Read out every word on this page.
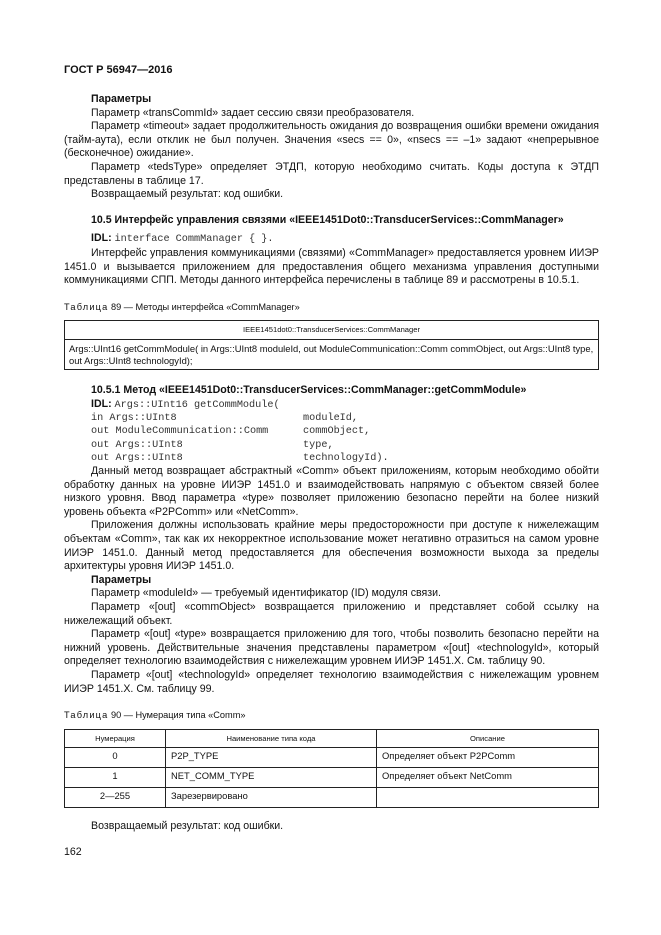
ГОСТ Р 56947—2016

Параметры

Параметр «transCommId» задает сессию связи преобразователя.

Параметр «timeout» задает продолжительность ожидания до возвращения ошибки времени ожидания (тайм-аута), если отклик не был получен. Значения «secs == 0», «nsecs == –1» задают «непрерывное (бесконечное) ожидание».

Параметр «tedsType» определяет ЭТДП, которую необходимо считать. Коды доступа к ЭТДП представлены в таблице 17.

Возвращаемый результат: код ошибки.

10.5 Интерфейс управления связями «IEEE1451Dot0::TransducerServices::CommManager»

IDL: interface CommManager { }.

Интерфейс управления коммуникациями (связями) «CommManager» предоставляется уровнем ИИЭР 1451.0 и вызывается приложением для предоставления общего механизма управления доступными коммуникациями СПП. Методы данного интерфейса перечислены в таблице 89 и рассмотрены в 10.5.1.

Таблица 89 — Методы интерфейса «CommManager»

IEEE1451dot0::TransducerServices::CommManager
Args::UInt16 getCommModule( in Args::UInt8 moduleId, out ModuleCommunication::Comm commObject, out Args::UInt8 type, out Args::UInt8 technologyId);

10.5.1 Метод «IEEE1451Dot0::TransducerServices::CommManager::getCommModule»

IDL: Args::UInt16 getCommModule(

in Args::UInt8	moduleId,
out ModuleCommunication::Comm	commObject,
out Args::UInt8	type,
out Args::UInt8	technologyId).

Данный метод возвращает абстрактный «Comm» объект приложениям, которым необходимо обойти обработку данных на уровне ИИЭР 1451.0 и взаимодействовать напрямую с объектом связей более низкого уровня. Ввод параметра «type» позволяет приложению безопасно перейти на более низкий уровень объекта «P2PComm» или «NetComm».

Приложения должны использовать крайние меры предосторожности при доступе к нижележащим объектам «Comm», так как их некорректное использование может негативно отразиться на самом уровне ИИЭР 1451.0. Данный метод предоставляется для обеспечения возможности выхода за пределы архитектуры уровня ИИЭР 1451.0.

Параметры

Параметр «moduleId» — требуемый идентификатор (ID) модуля связи.

Параметр «[out] «commObject» возвращается приложению и представляет собой ссылку на нижележащий объект.

Параметр «[out] «type» возвращается приложению для того, чтобы позволить безопасно перейти на нижний уровень. Действительные значения представлены параметром «[out] «technologyId», который определяет технологию взаимодействия с нижележащим уровнем ИИЭР 1451.X. См. таблицу 90.

Параметр «[out] «technologyId» определяет технологию взаимодействия с нижележащим уровнем ИИЭР 1451.X. См. таблицу 99.

Таблица 90 — Нумерация типа «Comm»

Нумерация	Наименование типа кода	Описание
0	P2P_TYPE	Определяет объект P2PComm
1	NET_COMM_TYPE	Определяет объект NetComm
2—255	Зарезервировано	

Возвращаемый результат: код ошибки.

162
